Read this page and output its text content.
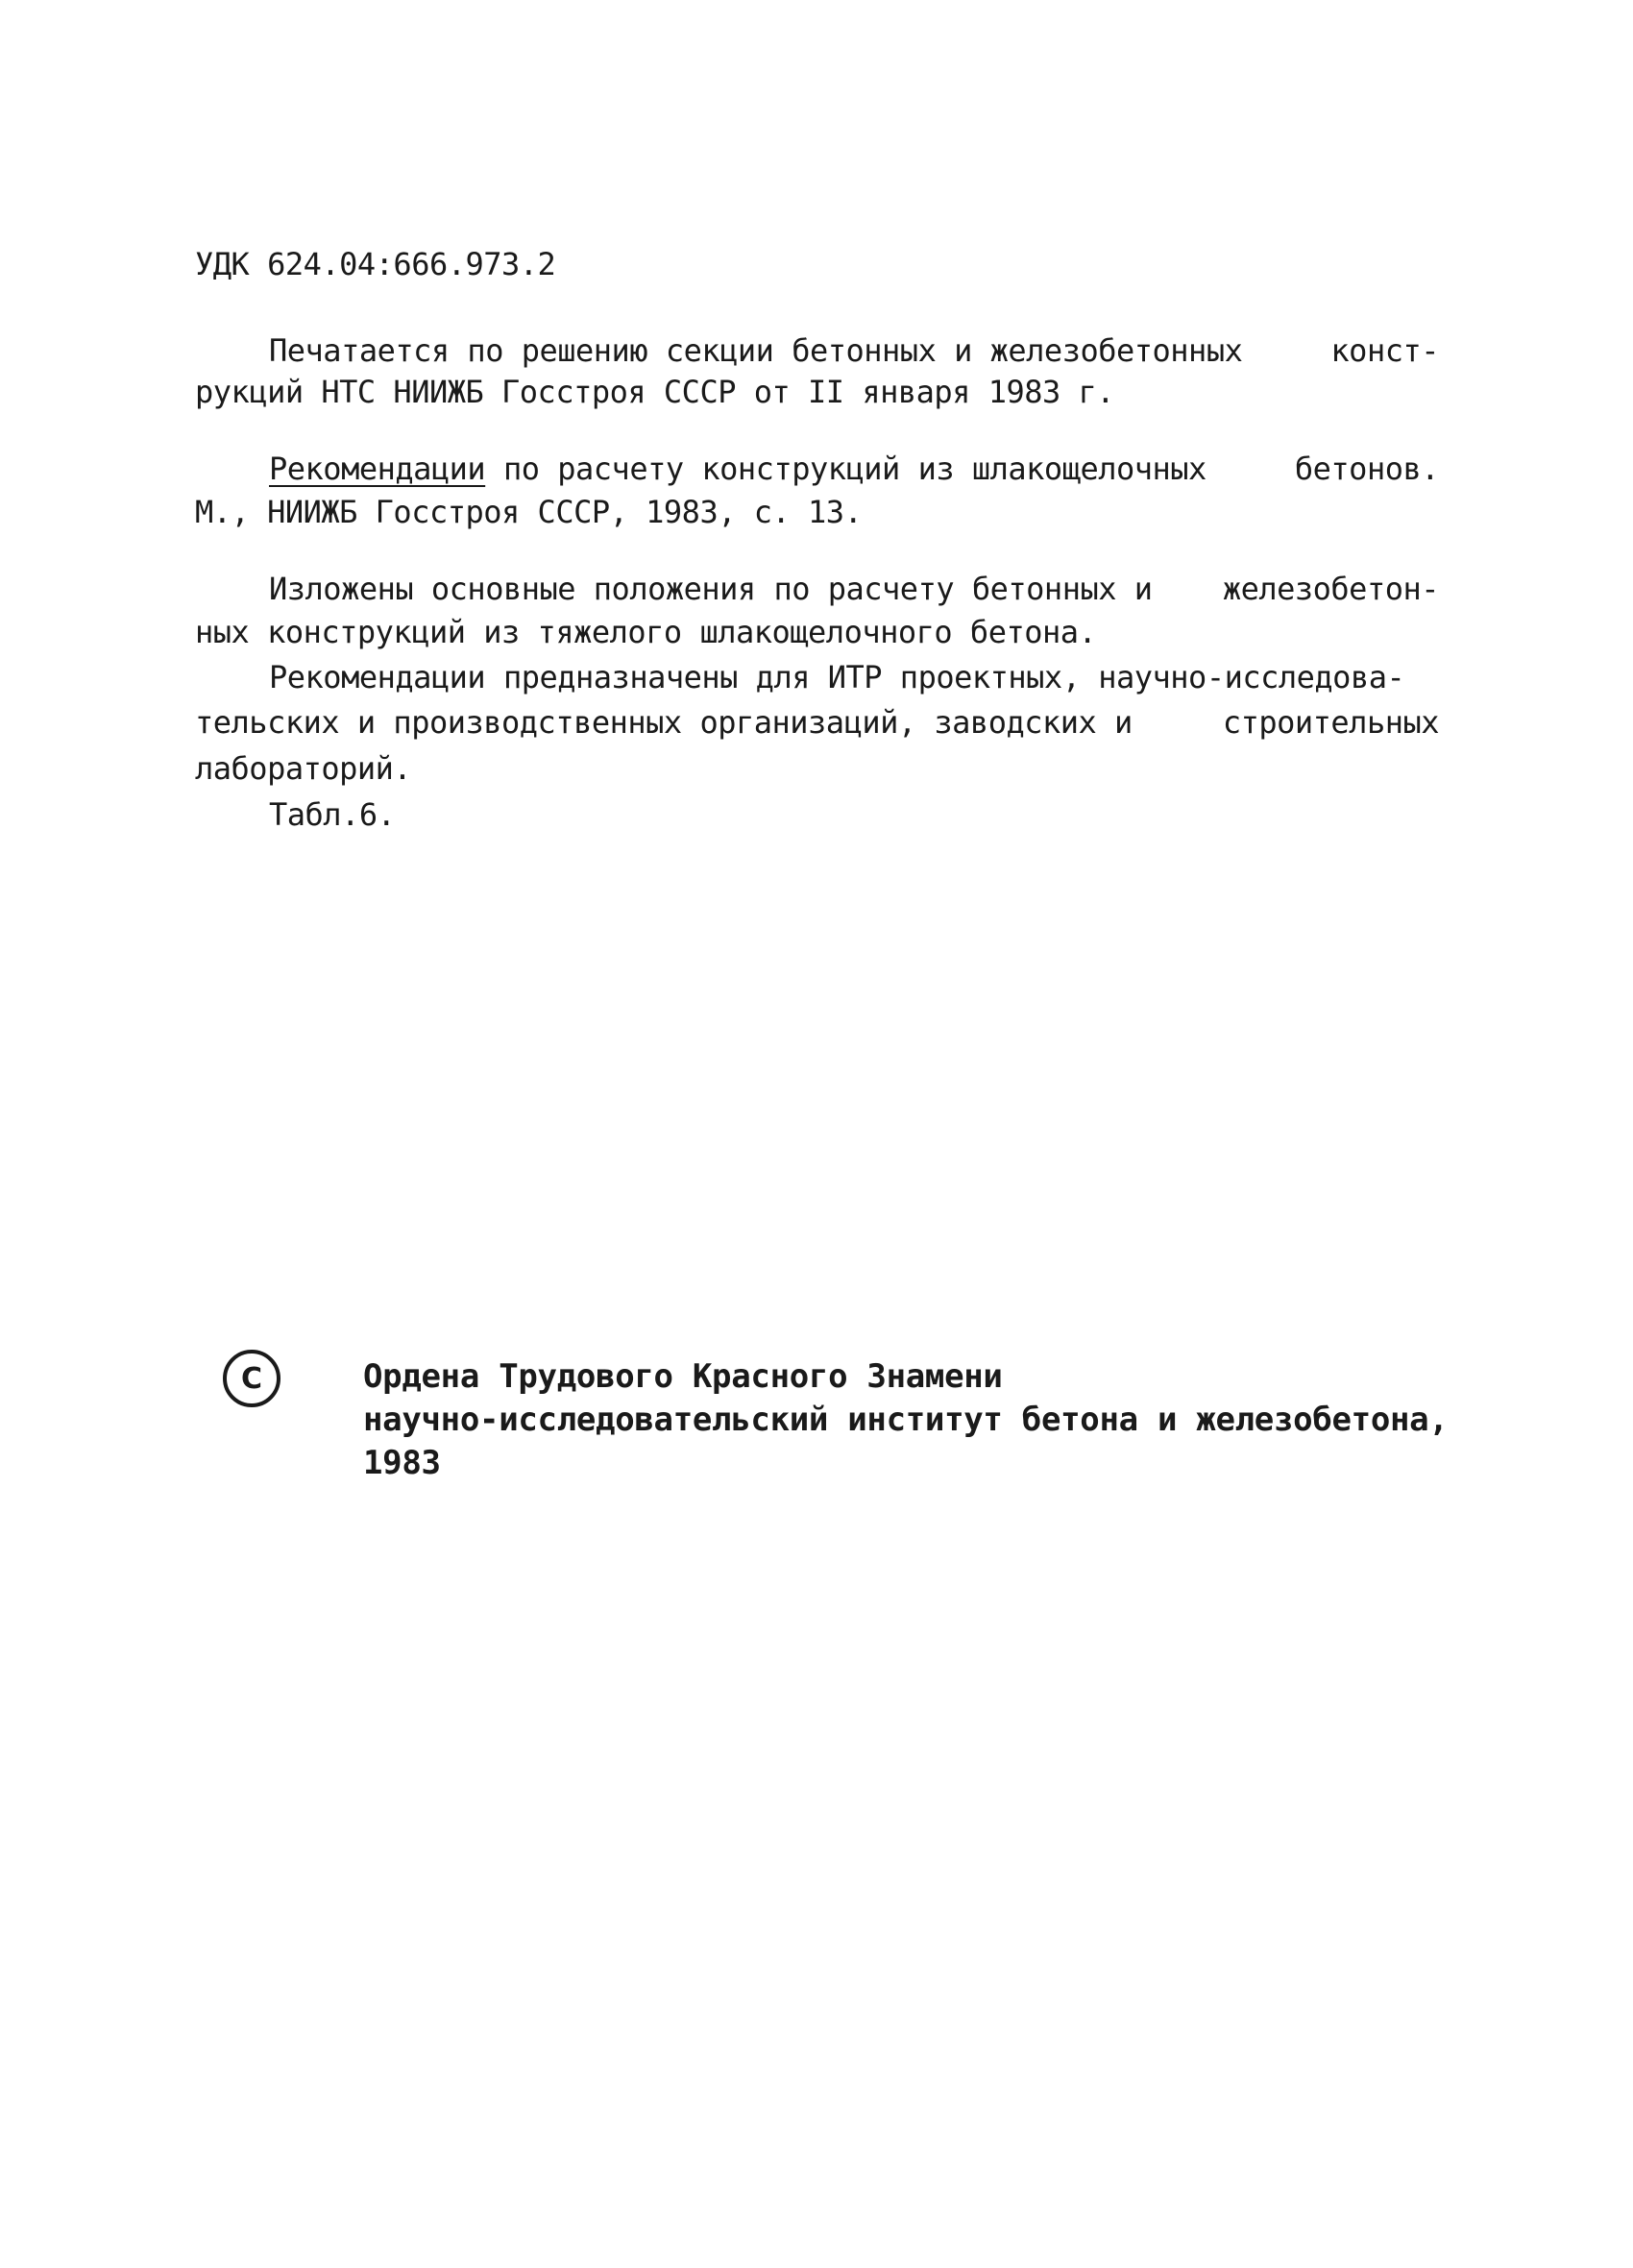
УДК 624.04:666.973.2
Печатается по решению секции бетонных и железобетонных	конст-
рукций НТС НИИЖБ Госстроя СССР от II января 1983 г.
Рекомендации по расчету конструкций из шлакощелочных	бетонов.
М., НИИЖБ Госстроя СССР, 1983, с. 13.
Изложены основные положения по расчету бетонных и железобетон-
ных конструкций из тяжелого шлакощелочного бетона.
Рекомендации предназначены для ИТР проектных, научно-исследова-
тельских и производственных организаций, заводских и	строительных
лабораторий.
Табл.6.
C	Ордена Трудового Красного Знамени
научно-исследовательский институт бетона и железобетона,
1983
